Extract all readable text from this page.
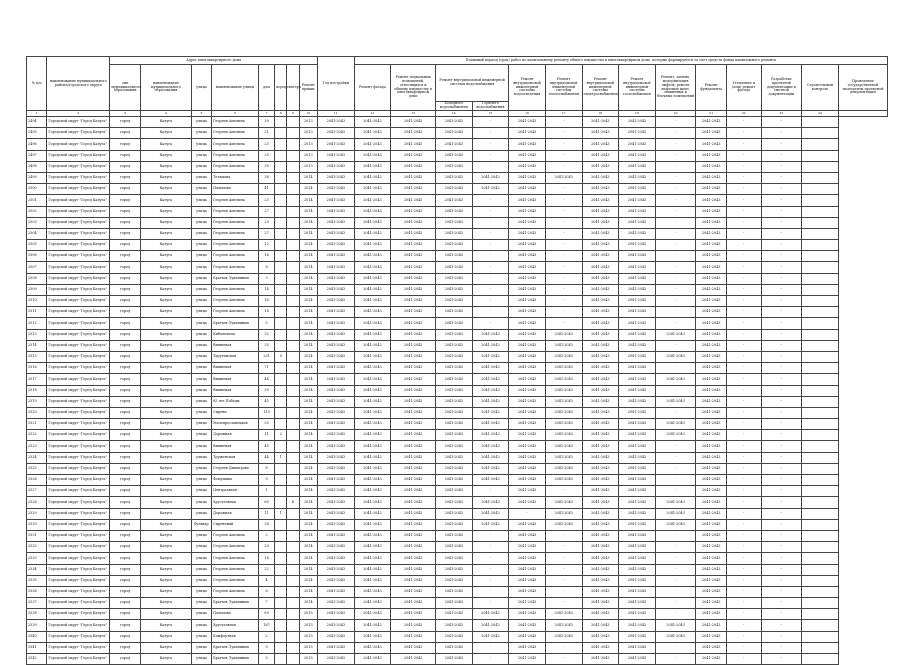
№ п/п	наименование муниципального района/городского округа	Адрес многоквартирного дома								Год постройки	Плановый период (срок) работ по капитальному ремонту общего имущества в многоквартирном доме, которые формируются за счет средств фонда капитального ремонта													
		тип муниципального образования	наименование муниципального образования	улица	наименование улицы	дом	корпус	литера	Ремонт крыши		Ремонт фасада	Ремонт подвальных помещений, относящихся к общему имуществу в многоквартирном доме	Ремонт внутридомовой инженерной системы водоснабжения		Ремонт внутридомовой инженерной системы водоотведения	Ремонт внутридомовой инженерной системы теплоснабжения	Ремонт внутридомовой инженерной системы электроснабжения	Ремонт внутридомовой инженерной системы газоснабжения	Ремонт, замена, модернизация лифтов, ремонт лифтовых шахт, машинных и блочных помещений	Ремонт фундамента	Утепление и (или) ремонт фасада	Разработка проектной документации и сметной документации	Строительный контроль	Проведение государственной экспертизы проектной документации
													Холодного водоснабжения	Горячего водоснабжения										
1	2	3	4	5	6	7	8	9	10	11	12	13	14	15	16	17	18	19	20	21	22	23	24	
2494	Городской округ "Город Калуга"	город	Калуга	улица	Георгия Амелина	39			2013	2041-2043	2041-2043	2041-2043	2041-2043	-	2041-2043	-	2041-2043	2041-2043	-	2041-2043	-	-		
2495	Городской округ "Город Калуга"	город	Калуга	улица	Георгия Амелина	21			2013	2041-2043	2041-2043	2041-2043	2041-2043	-	2041-2043	-	2041-2043	2041-2043	-	2041-2043	-	-		
2496	Городской округ "Город Калуга"	город	Калуга	улица	Георгия Амелина	23			2013	2041-2043	2041-2043	2041-2043	2041-2043	-	2041-2043	-	2041-2043	2041-2043	-	2041-2043	-	-		
2497	Городской округ "Город Калуга"	город	Калуга	улица	Георгия Амелина	25			2013	2041-2043	2041-2043	2041-2043	2041-2043	-	2041-2043	-	2041-2043	2041-2043	-	2041-2043	-	-		
2498	Городской округ "Город Калуга"	город	Калуга	улица	Георгия Амелина	35			2013	2041-2043	2041-2043	2041-2043	2041-2043	-	2041-2043	-	2041-2043	2041-2043	-	2041-2043	-	-		
2499	Городской округ "Город Калуга"	город	Калуга	улица	Тельмана	38			2014	2041-2043	2041-2043	2041-2043	2041-2043	2041-2043	2041-2043	2041-2043	2041-2043	2041-2043	-	2041-2043	-	-		
2500	Городской округ "Город Калуга"	город	Калуга	улица	Пальмова	41			2014	2041-2043	2041-2043	2041-2043	2041-2043	2041-2043	2041-2043	-	2041-2043	2041-2043	-	2041-2043	-	-		
2501	Городской округ "Город Калуга"	город	Калуга	улица	Георгия Амелина	23			2014	2041-2043	2041-2043	2041-2043	2041-2043	-	2041-2043	-	2041-2043	2041-2043	-	2041-2043	-	-		
2502	Городской округ "Город Калуга"	город	Калуга	улица	Георгия Амелина	27			2014	2041-2043	2041-2043	2041-2043	2041-2043	-	2041-2043	-	2041-2043	2041-2043	-	2041-2043	-	-		
2503	Городской округ "Город Калуга"	город	Калуга	улица	Георгия Амелина	29			2014	2041-2043	2041-2043	2041-2043	2041-2043	-	2041-2043	-	2041-2043	2041-2043	-	2041-2043	-	-		
2504	Городской округ "Город Калуга"	город	Калуга	улица	Георгия Амелина	27			2014	2041-2043	2041-2043	2041-2043	2041-2043	-	2041-2043	-	2041-2043	2041-2043	-	2041-2043	-	-		
2505	Городской округ "Город Калуга"	город	Калуга	улица	Георгия Амелина	12			2014	2041-2043	2041-2043	2041-2043	2041-2043	-	2041-2043	-	2041-2043	2041-2043	-	2041-2043	-	-		
2506	Городской округ "Город Калуга"	город	Калуга	улица	Георгия Амелина	16			2014	2041-2043	2041-2043	2041-2043	2041-2043	-	2041-2043	-	2041-2043	2041-2043	-	2041-2043	-	-		
2507	Городской округ "Город Калуга"	город	Калуга	улица	Георгия Амелина	8			2014	2041-2043	2041-2043	2041-2043	2041-2043	-	2041-2043	-	2041-2043	2041-2043	-	2041-2043	-	-		
2508	Городской округ "Город Калуга"	город	Калуга	улица	Братьев Луканиных	3			2014	2041-2043	2041-2043	2041-2043	2041-2043	-	2041-2043	-	2041-2043	2041-2043	-	2041-2043	-	-		
2509	Городской округ "Город Калуга"	город	Калуга	улица	Георгия Амелина	14			2014	2041-2043	2041-2043	2041-2043	2041-2043	-	2041-2043	-	2041-2043	2041-2043	-	2041-2043	-	-		
2510	Городской округ "Город Калуга"	город	Калуга	улица	Георгия Амелина	16			2014	2041-2043	2041-2043	2041-2043	2041-2043	-	2041-2043	-	2041-2043	2041-2043	-	2041-2043	-	-		
2511	Городской округ "Город Калуга"	город	Калуга	улица	Георгия Амелина	18			2014	2041-2043	2041-2043	2041-2043	2041-2043	-	2041-2043	-	2041-2043	2041-2043	-	2041-2043	-	-		
2512	Городской округ "Город Калуга"	город	Калуга	улица	Братьев Луканиных	5			2014	2041-2043	2041-2043	2041-2043	2041-2043	-	2041-2043	-	2041-2043	2041-2043	-	2041-2043	-	-		
2513	Городской округ "Город Калуга"	город	Калуга	улица	Кибальчича	32			2014	2041-2043	2041-2043	2041-2043	2041-2043	2041-2043	2041-2043	2041-2043	2041-2043	2041-2043	2041-2043	2041-2043	-	-		
2514	Городской округ "Город Калуга"	город	Калуга	улица	Вишневая	35			2014	2041-2043	2041-2043	2041-2043	2041-2043	2041-2043	2041-2043	2041-2043	2041-2043	2041-2043	-	2041-2043	-	-		
2515	Городской округ "Город Калуга"	город	Калуга	улица	Тарутинская	231	5		2014	2041-2043	2041-2043	2041-2043	2041-2043	2041-2043	2041-2043	2041-2043	2041-2043	2041-2043	2041-2043	2041-2043	-	-		
2516	Городской округ "Город Калуга"	город	Калуга	улица	Вишневая	71			2014	2041-2043	2041-2043	2041-2043	2041-2043	2041-2043	2041-2043	2041-2043	2041-2043	2041-2043	-	2041-2043	-	-		
2517	Городской округ "Город Калуга"	город	Калуга	улица	Вишневая	44			2014	2041-2043	2041-2043	2041-2043	2041-2043	2041-2043	2041-2043	2041-2043	2041-2043	2041-2043	2041-2043	2041-2043	-	-		
2518	Городской округ "Город Калуга"	город	Калуга	улица	Вишневая	39			2014	2041-2043	2041-2043	2041-2043	2041-2043	2041-2043	2041-2043	2041-2043	2041-2043	2041-2043	-	2041-2043	-	-		
2519	Городской округ "Город Калуга"	город	Калуга	улица	65 лет Победы	45			2014	2041-2043	2041-2043	2041-2043	2041-2043	2041-2043	2041-2043	2041-2043	2041-2043	2041-2043	2041-2043	2041-2043	-	-		
2520	Городской округ "Город Калуга"	город	Калуга	улица	Сирени	113			2014	2041-2043	2041-2043	2041-2043	2041-2043	2041-2043	2041-2043	2041-2043	2041-2043	2041-2043	-	2041-2043	-	-		
2521	Городской округ "Город Калуга"	город	Калуга	улица	Малоярославецкая	35			2014	2041-2043	2041-2043	2041-2043	2041-2043	2041-2043	2041-2043	2041-2043	2041-2043	2041-2043	2041-2043	2041-2043	-	-		
2522	Городской округ "Город Калуга"	город	Калуга	улица	Дорожная	11	2		2014	2041-2043	2041-2043	2041-2043	2041-2043	2041-2043	2041-2043	2041-2043	2041-2043	2041-2043	2041-2043	2041-2043	-	-		
2523	Городской округ "Город Калуга"	город	Калуга	улица	Вишневая	45			2014	2041-2043	2041-2043	2041-2043	2041-2043	2041-2043	2041-2043	2041-2043	2041-2043	2041-2043	-	2041-2043	-	-		
2524	Городской округ "Город Калуга"	город	Калуга	улица	Труженская	44	1		2014	2041-2043	2041-2043	2041-2043	2041-2043	2041-2043	2041-2043	2041-2043	2041-2043	2041-2043	-	2041-2043	-	-		
2525	Городской округ "Город Калуга"	город	Калуга	улица	Георгия Димитрова	8			2014	2041-2043	2041-2043	2041-2043	2041-2043	2041-2043	2041-2043	2041-2043	2041-2043	2041-2043	-	2041-2043	-	-		
2526	Городской округ "Город Калуга"	город	Калуга	улица	Фомушина	9			2014	2041-2043	2041-2043	2041-2043	2041-2043	2041-2043	2041-2043	2041-2043	2041-2043	2041-2043	-	2041-2043	-	-		
2527	Городской округ "Город Калуга"	город	Калуга	улица	Центральная	1			2014	2041-2043	2041-2043	2041-2043	2041-2043	-	2041-2043	-	2041-2043	2041-2043	-	2041-2043	-	-		
2528	Городской округ "Город Калуга"	город	Калуга	улица	Хрустальная	60		Б	2014	2041-2043	2041-2043	2041-2043	2041-2043	2041-2043	2041-2043	2041-2043	2041-2043	2041-2043	2041-2043	2041-2043	-	-		
2529	Городской округ "Город Калуга"	город	Калуга	улица	Дорожная	11	1		2014	2041-2043	2041-2043	2041-2043	2041-2043	2041-2043	-	2041-2043	2041-2043	2041-2043	2041-2043	2041-2043	-	-		
2530	Городской округ "Город Калуга"	город	Калуга	бульвар	Сиреневый	28			2014	2041-2043	2041-2043	2041-2043	2041-2043	2041-2043	2041-2043	2041-2043	2041-2043	2041-2043	2041-2043	2041-2043	-	-		
2531	Городской округ "Город Калуга"	город	Калуга	улица	Георгия Амелина	2			2014	2041-2043	2041-2043	2041-2043	2041-2043	-	2041-2043	-	2041-2043	2041-2043	-	2041-2043	-	-		
2532	Городской округ "Город Калуга"	город	Калуга	улица	Георгия Амелина	20			2014	2041-2043	2041-2043	2041-2043	2041-2043	-	2041-2043	-	2041-2043	2041-2043	-	2041-2043	-	-		
2533	Городской округ "Город Калуга"	город	Калуга	улица	Георгия Амелина	18			2014	2041-2043	2041-2043	2041-2043	2041-2043	-	2041-2043	-	2041-2043	2041-2043	-	2041-2043	-	-		
2534	Городской округ "Город Калуга"	город	Калуга	улица	Георгия Амелина	22			2014	2041-2043	2041-2043	2041-2043	2041-2043	-	2041-2043	-	2041-2043	2041-2043	-	2041-2043	-	-		
2535	Городской округ "Город Калуга"	город	Калуга	улица	Георгия Амелина	4			2014	2041-2043	2041-2043	2041-2043	2041-2043	-	2041-2043	-	2041-2043	2041-2043	-	2041-2043	-	-		
2536	Городской округ "Город Калуга"	город	Калуга	улица	Георгия Амелина	6			2014	2041-2043	2041-2043	2041-2043	2041-2043	-	2041-2043	-	2041-2043	2041-2043	-	2041-2043	-	-		
2537	Городской округ "Город Калуга"	город	Калуга	улица	Братьев Луканиных	7			2014	2041-2043	2041-2043	2041-2043	2041-2043	-	2041-2043	-	2041-2043	2041-2043	-	2041-2043	-	-		
2538	Городской округ "Город Калуга"	город	Калуга	улица	Пальмова	69			2015	2041-2043	2041-2043	2041-2043	2041-2043	2041-2043	2041-2043	2041-2043	2041-2043	2041-2043	-	2041-2043	-	-		
2539	Городской округ "Город Калуга"	город	Калуга	улица	Хрустальная	167			2015	2041-2043	2041-2043	2041-2043	2041-2043	2041-2043	2041-2043	2041-2043	2041-2043	2041-2043	2041-2043	2041-2043	-	-		
2540	Городской округ "Город Калуга"	город	Калуга	улица	Комфортная	2			2015	2041-2043	2041-2043	2041-2043	2041-2043	2041-2043	2041-2043	2041-2043	2041-2043	2041-2043	2041-2043	2041-2043	-	-		
2541	Городской округ "Город Калуга"	город	Калуга	улица	Братьев Луканиных	9			2015	2041-2043	2041-2043	2041-2043	2041-2043	-	2041-2043	-	2041-2043	2041-2043	-	2041-2043	-	-		
2542	Городской округ "Город Калуга"	город	Калуга	улица	Братьев Луканиных	5			2015	2041-2043	2041-2043	2041-2043	2041-2043	-	2041-2043	-	2041-2043	2041-2043	-	2041-2043	-	-		
